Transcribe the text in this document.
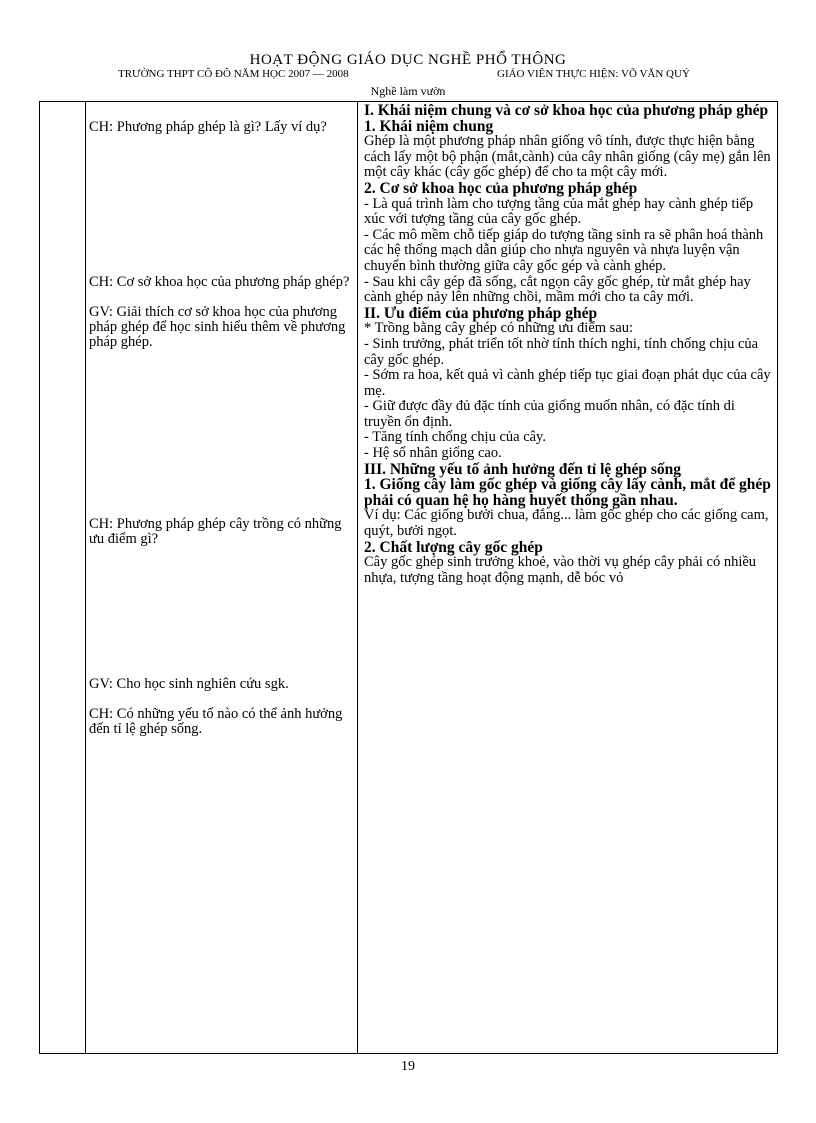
HOẠT ĐỘNG GIÁO DỤC NGHỀ PHỔ THÔNG
TRƯỜNG THPT CÔ ĐÔ NĂM HỌC 2007 — 2008	GIÁO VIÊN THỰC HIỆN: VÕ VĂN QUÝ
Nghề làm vườn
CH: Phương pháp ghép là gì? Lấy ví dụ?
CH: Cơ sở khoa học của phương pháp ghép?
GV: Giải thích cơ sở khoa học của phương pháp ghép để học sinh hiểu thêm về phương pháp ghép.
CH: Phương pháp ghép cây trồng có những ưu điểm gì?
GV: Cho học sinh nghiên cứu sgk.
CH: Có những yếu tố nào có thể ảnh hưởng đến tỉ lệ ghép sống.

I. Khái niệm chung và cơ sở khoa học của phương pháp ghép

1. Khái niệm chung

Ghép là một phương pháp nhân giống vô tính, được thực hiện bằng cách lấy một bộ phận (mắt,cành) của cây nhân giống (cây mẹ) gắn lên một cây khác (cây gốc ghép) để cho ta một cây mới.

2. Cơ sở khoa học của phương pháp ghép

- Là quá trình làm cho tượng tầng của mắt ghép hay cành ghép tiếp xúc với tượng tầng của cây gốc ghép.

- Các mô mềm chỗ tiếp giáp do tượng tầng sinh ra sẽ phân hoá thành các hệ thống mạch dẫn giúp cho nhựa nguyên và nhựa luyện vận chuyển bình thường giữa cây gốc gép và cành ghép.

- Sau khi cây gép đã sống, cắt ngọn cây gốc ghép, từ mắt ghép hay cành ghép nảy lên những chồi, mầm mới cho ta cây mới.

II. Ưu điểm của phương pháp ghép

* Trồng bằng cây ghép có những ưu điểm sau:

- Sinh trưởng, phát triển tốt nhờ tính thích nghi, tính chống chịu của cây gốc ghép.

- Sớm ra hoa, kết quả vì cành ghép tiếp tục giai đoạn phát dục của cây mẹ.

- Giữ được đầy đủ đặc tính của giống muốn nhân, có đặc tính di truyền ổn định.

- Tăng tính chống chịu của cây.

- Hệ số nhân giống cao.

III. Những yếu tố ảnh hưởng đến tỉ lệ ghép sống

1. Giống cây làm gốc ghép và giống cây lấy cành, mắt để ghép phải có quan hệ họ hàng huyết thống gần nhau.

Ví dụ: Các giống bưởi chua, đắng... làm gốc ghép cho các giống cam, quýt, bưởi ngọt.

2. Chất lượng cây gốc ghép

Cây gốc ghép sinh trưởng khoẻ, vào thời vụ ghép cây phải có nhiều nhựa, tượng tầng hoạt động mạnh, dễ bóc vỏ

19
